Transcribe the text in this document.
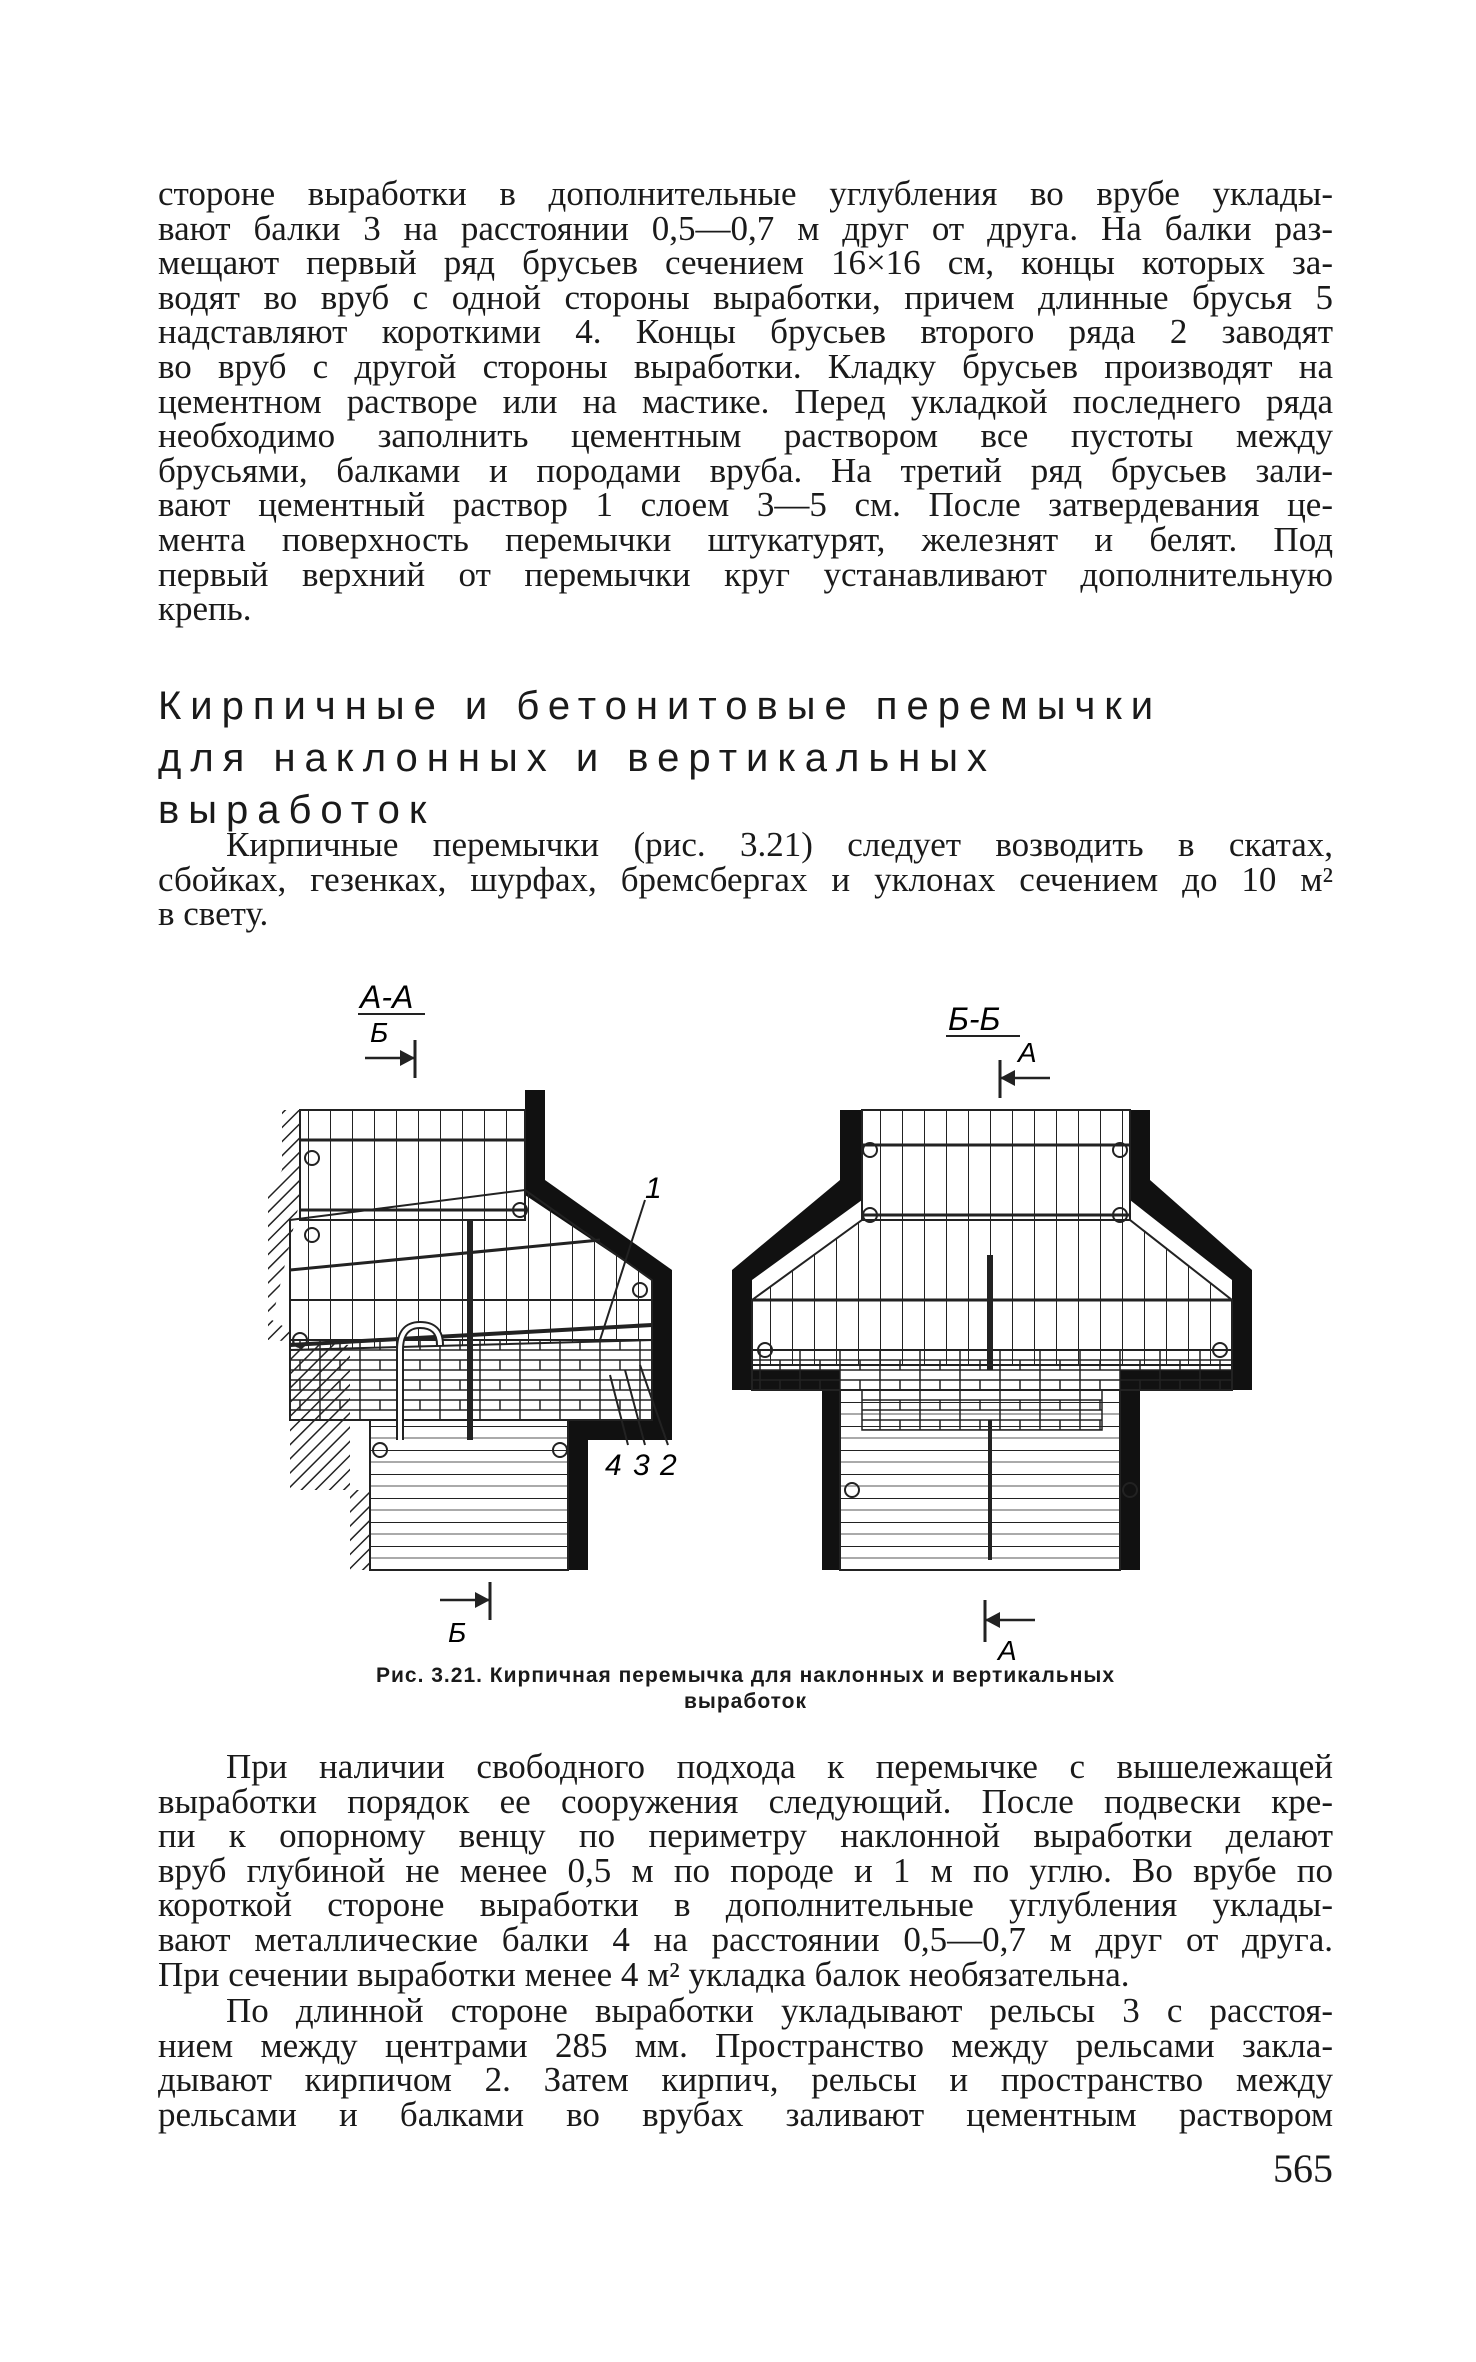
стороне выработки в дополнительные углубления во врубе уклады-
вают балки 3 на расстоянии 0,5—0,7 м друг от друга. На балки раз-
мещают первый ряд брусьев сечением 16×16 см, концы которых за-
водят во вруб с одной стороны выработки, причем длинные брусья 5
надставляют короткими 4. Концы брусьев второго ряда 2 заводят
во вруб с другой стороны выработки. Кладку брусьев производят на
цементном растворе или на мастике. Перед укладкой последнего ряда
необходимо заполнить цементным раствором все пустоты между
брусьями, балками и породами вруба. На третий ряд брусьев зали-
вают цементный раствор 1 слоем 3—5 см. После затвердевания це-
мента поверхность перемычки штукатурят, железнят и белят. Под
первый верхний от перемычки круг устанавливают дополнительную
крепь.
Кирпичные и бетонитовые перемычки
для наклонных и вертикальных
выработок
Кирпичные перемычки (рис. 3.21) следует возводить в скатах,
сбойках, гезенках, шурфах, бремсбергах и уклонах сечением до 10 м²
в свету.
А-А
Б
1
4 3 2
Б
Б-Б
А
А
Рис. 3.21. Кирпичная перемычка для наклонных и вертикальных
выработок
При наличии свободного подхода к перемычке с вышележащей
выработки порядок ее сооружения следующий. После подвески кре-
пи к опорному венцу по периметру наклонной выработки делают
вруб глубиной не менее 0,5 м по породе и 1 м по углю. Во врубе по
короткой стороне выработки в дополнительные углубления уклады-
вают металлические балки 4 на расстоянии 0,5—0,7 м друг от друга.
При сечении выработки менее 4 м² укладка балок необязательна.
По длинной стороне выработки укладывают рельсы 3 с расстоя-
нием между центрами 285 мм. Пространство между рельсами закла-
дывают кирпичом 2. Затем кирпич, рельсы и пространство между
рельсами и балками во врубах заливают цементным раствором
565
